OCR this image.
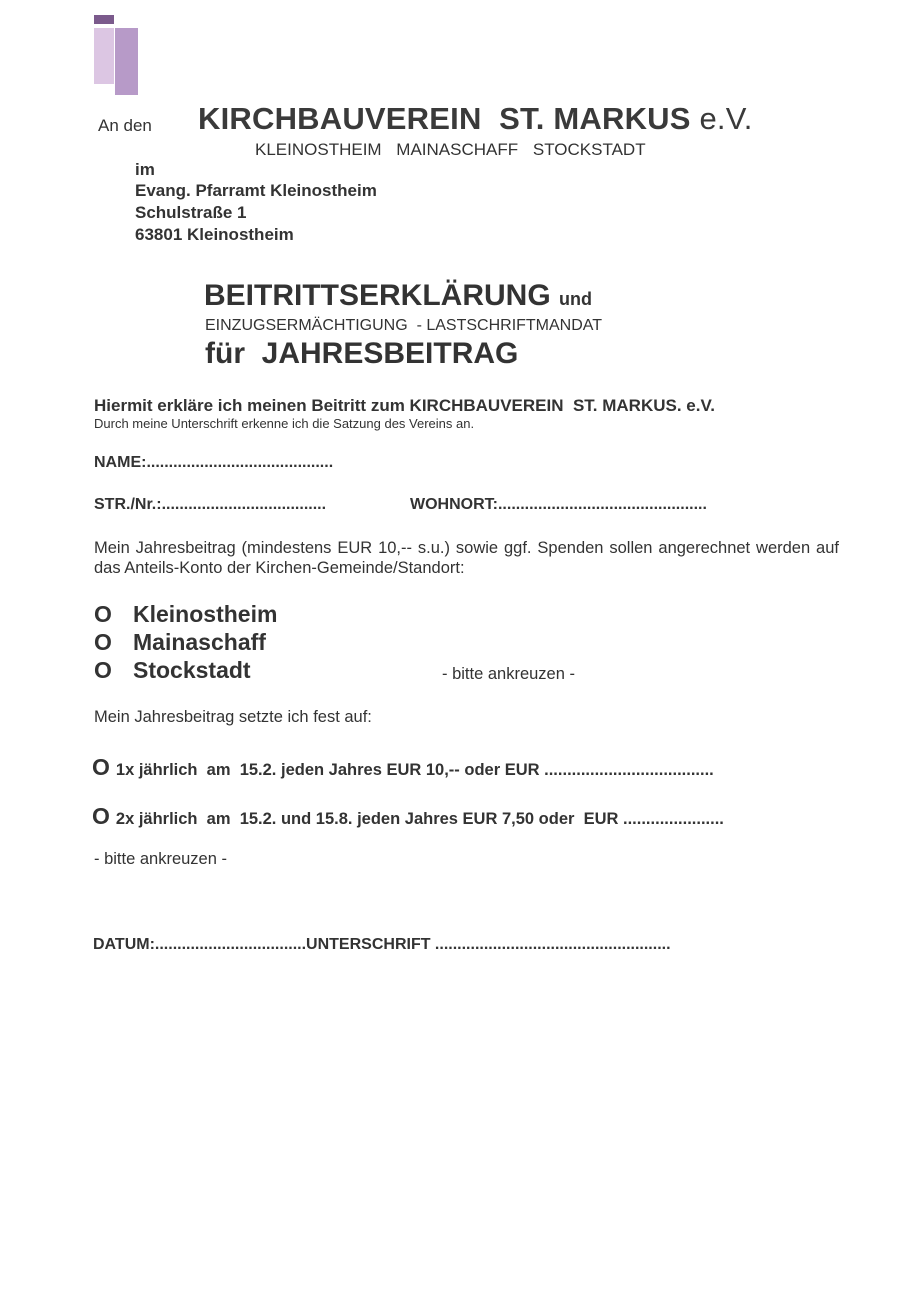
An den KIRCHBAUVEREIN  ST. MARKUS e.V.
KLEINOSTHEIM MAINASCHAFF STOCKSTADT
im
Evang. Pfarramt Kleinostheim
Schulstraße 1
63801 Kleinostheim
BEITRITTSERKLÄRUNG und
EINZUGSERMÄCHTIGUNG  - LASTSCHRIFTMANDAT
für  JAHRESBEITRAG
Hiermit erkläre ich meinen Beitritt zum KIRCHBAUVEREIN  ST. MARKUS. e.V.
Durch meine Unterschrift erkenne ich die Satzung des Vereins an.
NAME:..........................................
STR./Nr.:.....................................	WOHNORT:...............................................
Mein Jahresbeitrag (mindestens EUR 10,-- s.u.) sowie ggf. Spenden sollen angerechnet werden auf das Anteils-Konto der Kirchen-Gemeinde/Standort:
O Kleinostheim
O Mainaschaff
O Stockstadt	- bitte ankreuzen -
Mein Jahresbeitrag setzte ich fest auf:
O 1x jährlich  am  15.2. jeden Jahres EUR 10,-- oder EUR .....................................
O 2x jährlich  am  15.2. und 15.8. jeden Jahres EUR 7,50 oder  EUR ......................
- bitte ankreuzen -
DATUM:..................................UNTERSCHRIFT .....................................................
